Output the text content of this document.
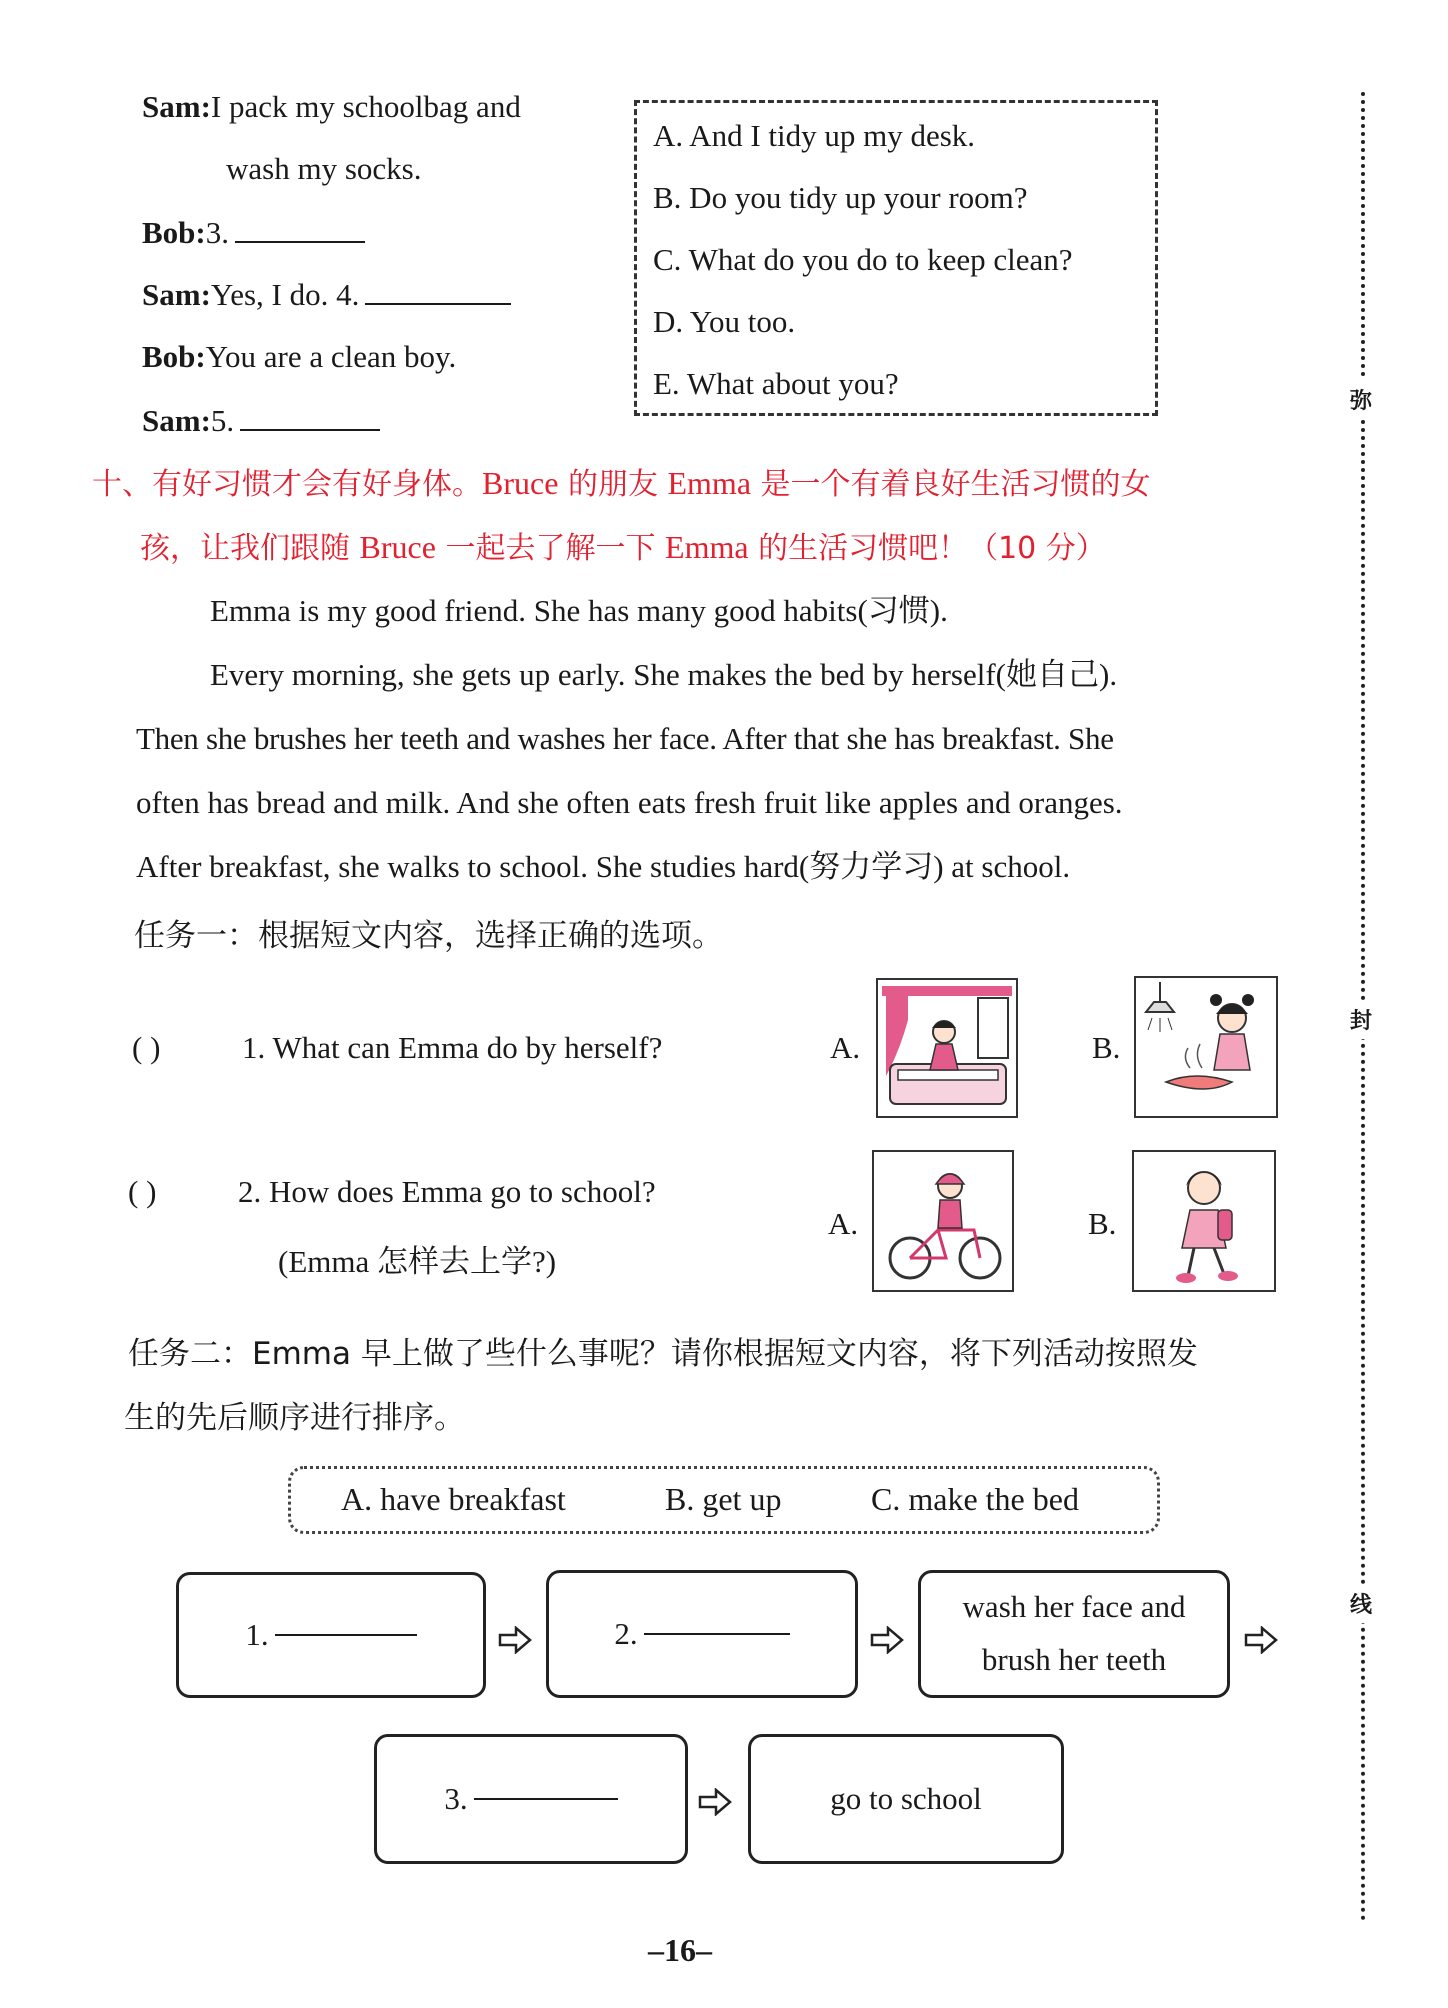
Sam:I pack my schoolbag and
wash my socks.
Bob:3.
Sam:Yes, I do. 4.
Bob:You are a clean boy.
Sam:5.
A. And I tidy up my desk.
B. Do you tidy up your room?
C. What do you do to keep clean?
D. You too.
E. What about you?
十、有好习惯才会有好身体。Bruce 的朋友 Emma 是一个有着良好生活习惯的女
孩，让我们跟随 Bruce 一起去了解一下 Emma 的生活习惯吧！（10 分）
Emma is my good friend. She has many good habits(习惯).
Every morning, she gets up early. She makes the bed by herself(她自己).
Then she brushes her teeth and washes her face. After that she has breakfast. She
often has bread and milk. And she often eats fresh fruit like apples and oranges.
After breakfast, she walks to school. She studies hard(努力学习) at school.
任务一：根据短文内容，选择正确的选项。
( )	1. What can Emma do by herself?	A.	B.
( )	2. How does Emma go to school?
(Emma 怎样去上学?)
A.	B.
任务二：Emma 早上做了些什么事呢？请你根据短文内容，将下列活动按照发
生的先后顺序进行排序。
A. have breakfast	B. get up	C. make the bed
1.	2.
wash her face and
brush her teeth
3.	go to school
弥
封
线
–16–
